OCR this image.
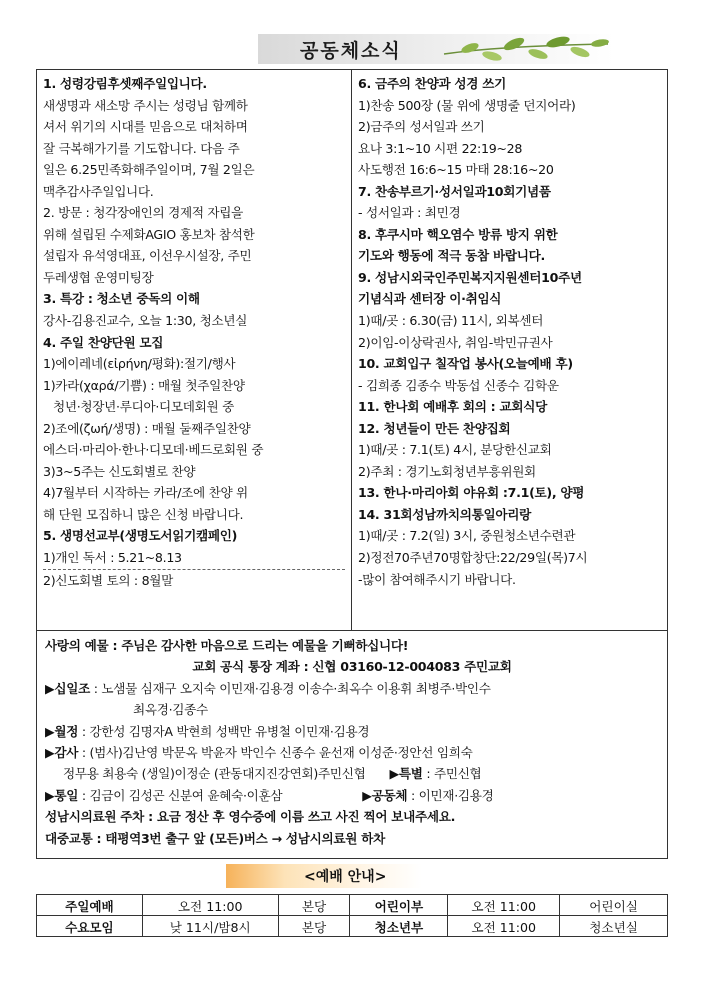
공동체소식
1. 성령강림후셋째주일입니다.
새생명과 새소망 주시는 성령님 함께하
셔서 위기의 시대를 믿음으로 대처하며
잘 극복해가기를 기도합니다. 다음 주
일은 6.25민족화해주일이며, 7월 2일은
맥추감사주일입니다.
2. 방문 : 청각장애인의 경제적 자립을
위해 설립된 수제화AGIO 홍보차 참석한
설립자 유석영대표, 이선우시설장, 주민
두레생협 운영미팅장
3. 특강 : 청소년 중독의 이해
강사-김용진교수, 오늘 1:30, 청소년실
4. 주일 찬양단원 모집
1)에이레네(εἰρήνη/평화):절기/행사
1)카라(χαρά/기쁨) : 매월 첫주일찬양
청년·청장년·루디아·디모데회원 중
2)조에(ζωή/생명) : 매월 둘째주일찬양
에스더·마리아·한나·디모데·베드로회원 중
3)3~5주는 신도회별로 찬양
4)7월부터 시작하는 카라/조에 찬양 위
해 단원 모집하니 많은 신청 바랍니다.
5. 생명선교부(생명도서읽기캠페인)
1)개인 독서 : 5.21~8.13
2)신도회별 토의 : 8월말
6. 금주의 찬양과 성경 쓰기
1)찬송 500장 (물 위에 생명줄 던지어라)
2)금주의 성서일과 쓰기
요나 3:1~10 시편 22:19~28
사도행전 16:6~15 마태 28:16~20
7. 찬송부르기·성서일과10회기념품
- 성서일과 : 최민경
8. 후쿠시마 핵오염수 방류 방지 위한
기도와 행동에 적극 동참 바랍니다.
9. 성남시외국인주민복지지원센터10주년
기념식과 센터장 이·취임식
1)때/곳 : 6.30(금) 11시, 외복센터
2)이임-이상락권사, 취임-박민규권사
10. 교회입구 칠작업 봉사(오늘예배 후)
- 김희종 김종수 박동섭 신종수 김학운
11. 한나회 예배후 회의 : 교회식당
12. 청년들이 만든 찬양집회
1)때/곳 : 7.1(토) 4시, 분당한신교회
2)주최 : 경기노회청년부흥위원회
13. 한나·마리아회 야유회 :7.1(토), 양평
14. 31회성남까치의통일아리랑
1)때/곳 : 7.2(일) 3시, 중원청소년수련관
2)정전70주년70명합창단:22/29일(목)7시
-많이 참여해주시기 바랍니다.
사랑의 예물 : 주님은 감사한 마음으로 드리는 예물을 기뻐하십니다!
교회 공식 통장 계좌 : 신협 03160-12-004083 주민교회
▶십일조 : 노샘물 심재구 오지숙 이민재·김용경 이송수·최옥수 이용휘 최병주·박인수
최옥경·김종수
▶월정 : 강한성 김명자A 박현희 성백만 유병철 이민재·김용경
▶감사 : (범사)김난영 박문옥 박윤자 박인수 신종수 윤선재 이성준·정안선 임희숙
정무용 최용숙 (생일)이정순 (관동대지진강연회)주민신협 ▶특별 : 주민신협
▶통일 : 김금이 김성곤 신분여 윤혜숙·이훈삼	▶공동체 : 이민재·김용경
성남시의료원 주차 : 요금 정산 후 영수증에 이름 쓰고 사진 찍어 보내주세요.
대중교통 : 태평역3번 출구 앞 (모든)버스 → 성남시의료원 하차
<예배 안내>
주일예배	오전 11:00	본당	어린이부	오전 11:00	어린이실
수요모임	낮 11시/밤8시	본당	청소년부	오전 11:00	청소년실
